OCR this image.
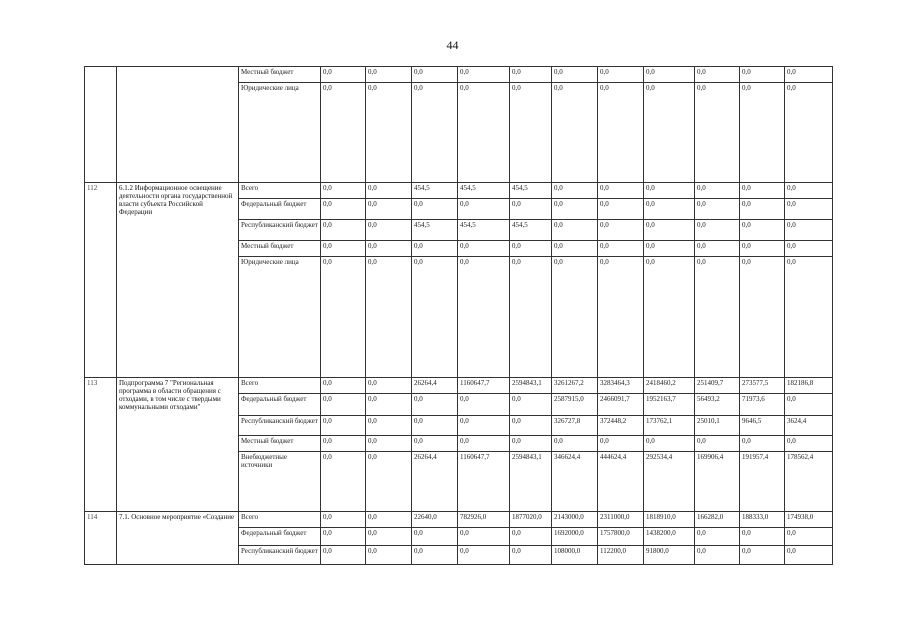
44
		Местный бюджет	0,0	0,0	0,0	0,0	0,0	0,0	0,0	0,0	0,0	0,0	0,0
		Юридические лица	0,0	0,0	0,0	0,0	0,0	0,0	0,0	0,0	0,0	0,0	0,0
112	6.1.2 Информационное освещение деятельности органа государственной власти субъекта Российской Федерации	Всего	0,0	0,0	454,5	454,5	454,5	0,0	0,0	0,0	0,0	0,0	0,0
		Федеральный бюджет	0,0	0,0	0,0	0,0	0,0	0,0	0,0	0,0	0,0	0,0	0,0
		Республиканский бюджет	0,0	0,0	454,5	454,5	454,5	0,0	0,0	0,0	0,0	0,0	0,0
		Местный бюджет	0,0	0,0	0,0	0,0	0,0	0,0	0,0	0,0	0,0	0,0	0,0
		Юридические лица	0,0	0,0	0,0	0,0	0,0	0,0	0,0	0,0	0,0	0,0	0,0
113	Подпрограмма 7 "Региональная программа в области обращения с отходами, в том числе с твердыми коммунальными отходами"	Всего	0,0	0,0	26264,4	1160647,7	2594843,1	3261267,2	3283464,3	2418460,2	251409,7	273577,5	182186,8
		Федеральный бюджет	0,0	0,0	0,0	0,0	0,0	2587915,0	2466091,7	1952163,7	56493,2	71973,6	0,0
		Республиканский бюджет	0,0	0,0	0,0	0,0	0,0	326727,8	372448,2	173762,1	25010,1	9646,5	3624,4
		Местный бюджет	0,0	0,0	0,0	0,0	0,0	0,0	0,0	0,0	0,0	0,0	0,0
		Внебюджетные источники	0,0	0,0	26264,4	1160647,7	2594843,1	346624,4	444624,4	292534,4	169906,4	191957,4	178562,4
114	7.1. Основное мероприятие «Создание	Всего	0,0	0,0	22640,0	782926,0	1877020,0	2143000,0	2311000,0	1818910,0	166282,0	188333,0	174938,0
		Федеральный бюджет	0,0	0,0	0,0	0,0	0,0	1692000,0	1757800,0	1438200,0	0,0	0,0	0,0
		Республиканский бюджет	0,0	0,0	0,0	0,0	0,0	108000,0	112200,0	91800,0	0,0	0,0	0,0
